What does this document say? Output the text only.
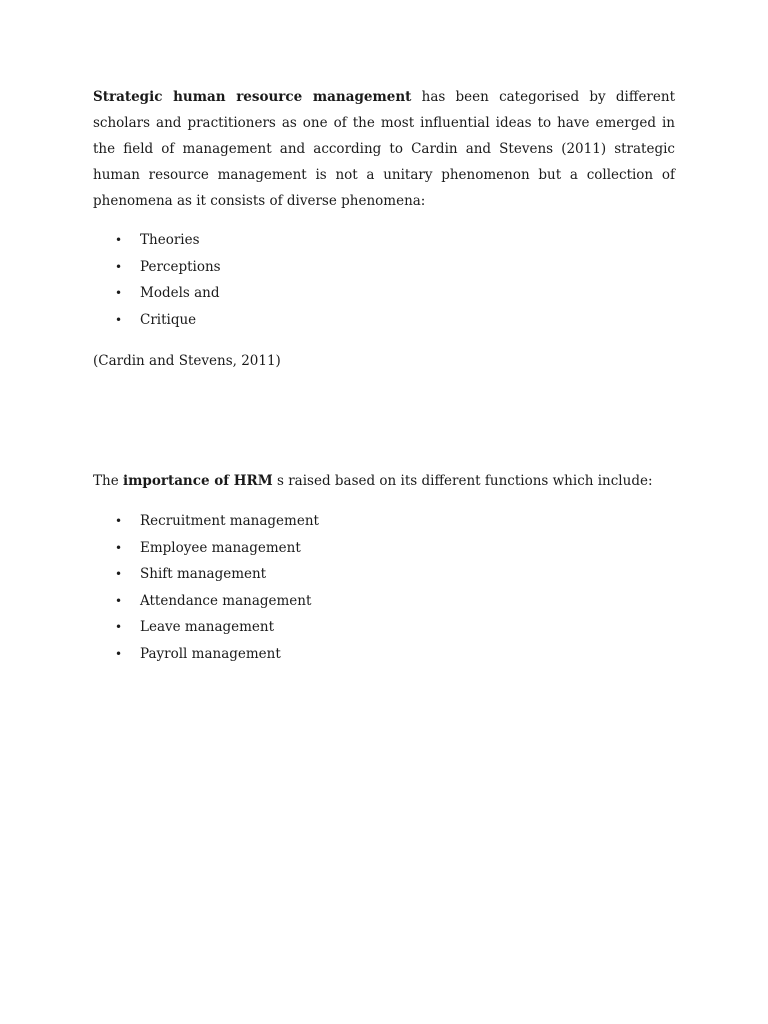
Strategic human resource management has been categorised by different scholars and practitioners as one of the most influential ideas to have emerged in the field of management and according to Cardin and Stevens (2011) strategic human resource management is not a unitary phenomenon but a collection of phenomena as it consists of diverse phenomena:

• Theories
• Perceptions
• Models and
• Critique

(Cardin and Stevens, 2011)

The importance of HRM s raised based on its different functions which include:

• Recruitment management
• Employee management
• Shift management
• Attendance management
• Leave management
• Payroll management
